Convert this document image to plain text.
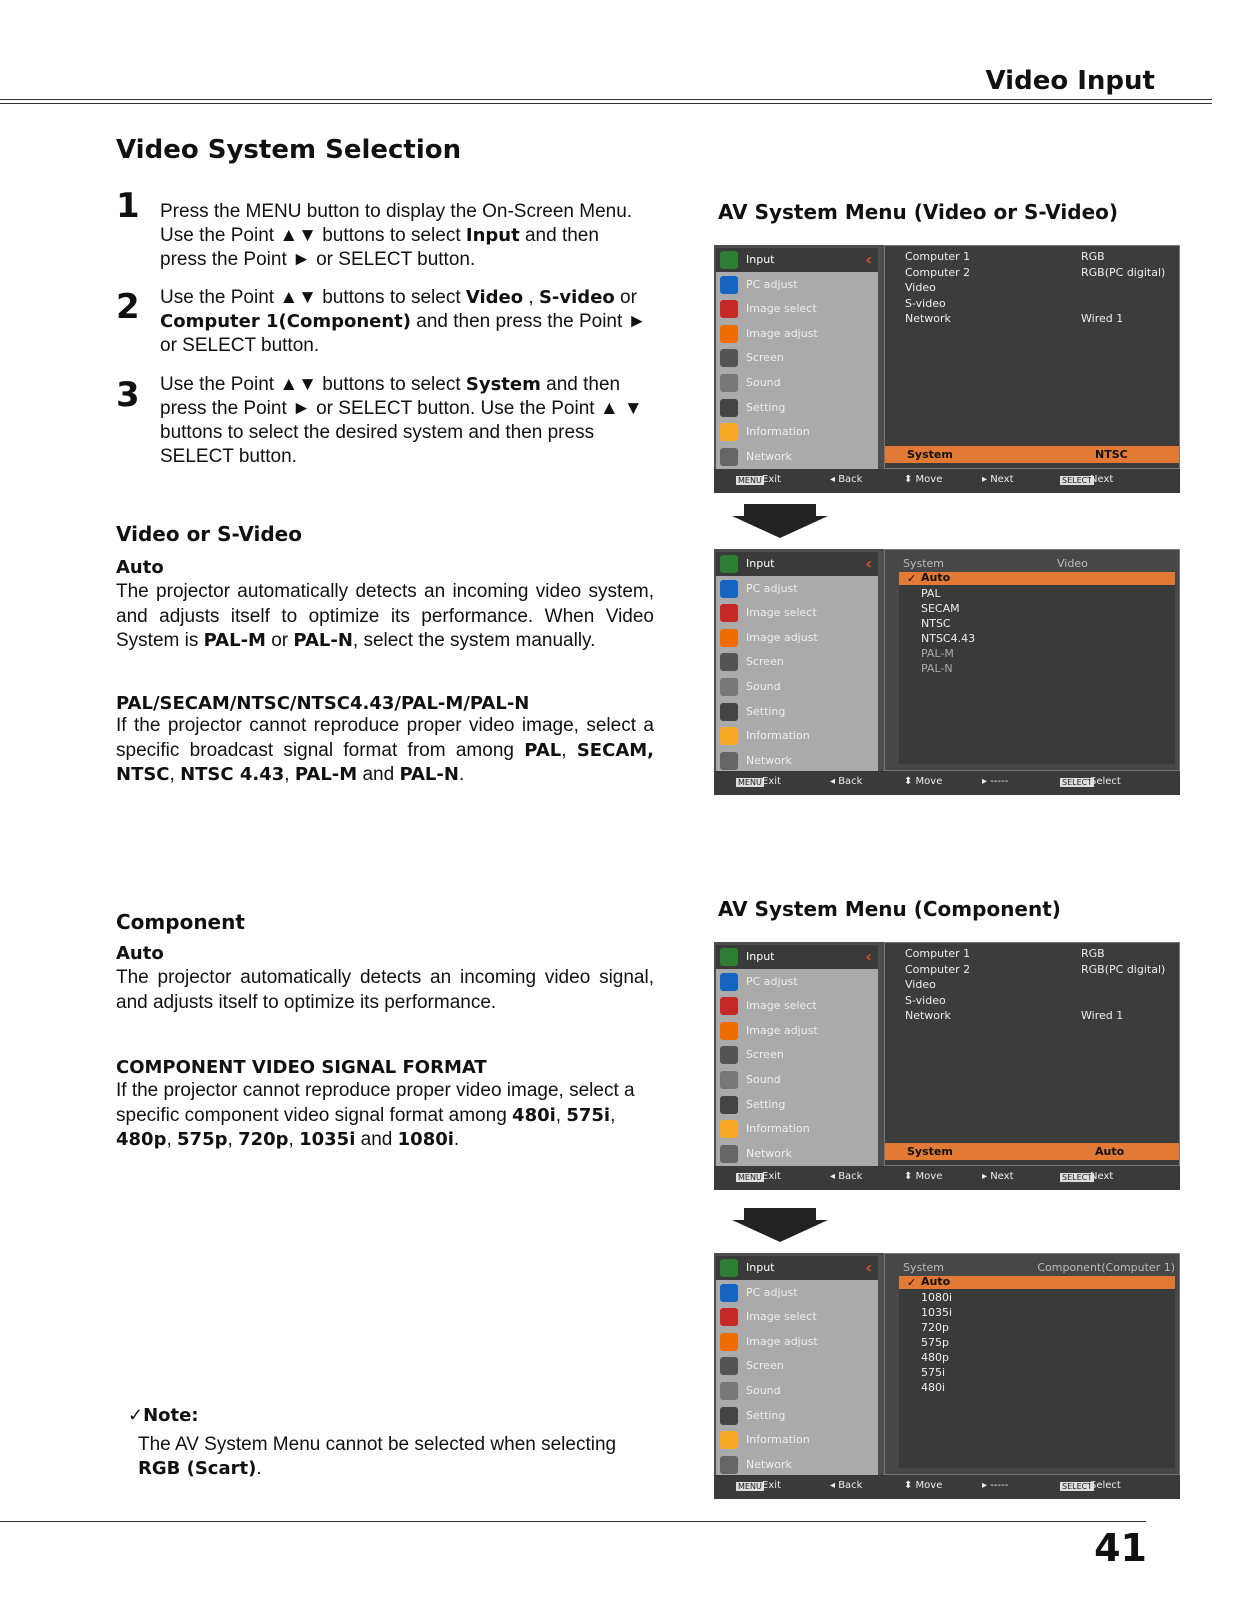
Video Input
Video System Selection
1 Press the MENU button to display the On-Screen Menu. Use the Point ▲▼ buttons to select Input and then press the Point ► or SELECT button.
2 Use the Point ▲▼ buttons to select Video , S-video or Computer 1(Component) and then press the Point ► or SELECT button.
3 Use the Point ▲▼ buttons to select System and then press the Point ► or SELECT button. Use the Point ▲ ▼ buttons to select the desired system and then press SELECT button.
Video or S-Video
Auto
The projector automatically detects an incoming video system, and adjusts itself to optimize its performance. When Video System is PAL-M or PAL-N, select the system manually.
PAL/SECAM/NTSC/NTSC4.43/PAL-M/PAL-N
If the projector cannot reproduce proper video image, select a specific broadcast signal format from among PAL, SECAM, NTSC, NTSC 4.43, PAL-M and PAL-N.
Component
Auto
The projector automatically detects an incoming video signal, and adjusts itself to optimize its performance.
COMPONENT VIDEO SIGNAL FORMAT
If the projector cannot reproduce proper video image, select a specific component video signal format among 480i, 575i, 480p, 575p, 720p, 1035i and 1080i.
✓Note:
The AV System Menu cannot be selected when selecting
RGB (Scart).
AV System Menu (Video or S-Video)
AV System Menu (Component)
Input	‹
PC adjust
Image select
Image adjust
Screen
Sound
Setting
Information
Network
Computer 1	RGB
Computer 2	RGB(PC digital)
Video
S-video
Network	Wired 1
System	NTSC
MENU Exit	◂ Back	⬍ Move	▸ Next	SELECT
Next
Input	‹
PC adjust
Image select
Image adjust
Screen
Sound
Setting
Information
Network
System	Video
✓ Auto
PAL
SECAM
NTSC
NTSC4.43
PAL-M
PAL-N
MENU Exit	◂ Back	⬍ Move	▸ -----	SELECT
Select
Input	‹
PC adjust
Image select
Image adjust
Screen
Sound
Setting
Information
Network
Computer 1	RGB
Computer 2	RGB(PC digital)
Video
S-video
Network	Wired 1
System	Auto
MENU Exit	◂ Back	⬍ Move	▸ Next	SELECT
Next
Input	‹
PC adjust
Image select
Image adjust
Screen
Sound
Setting
Information
Network
System	Component(Computer 1)
✓ Auto
1080i
1035i
720p
575p
480p
575i
480i
MENU Exit	◂ Back	⬍ Move	▸ -----	SELECT
Select
41
